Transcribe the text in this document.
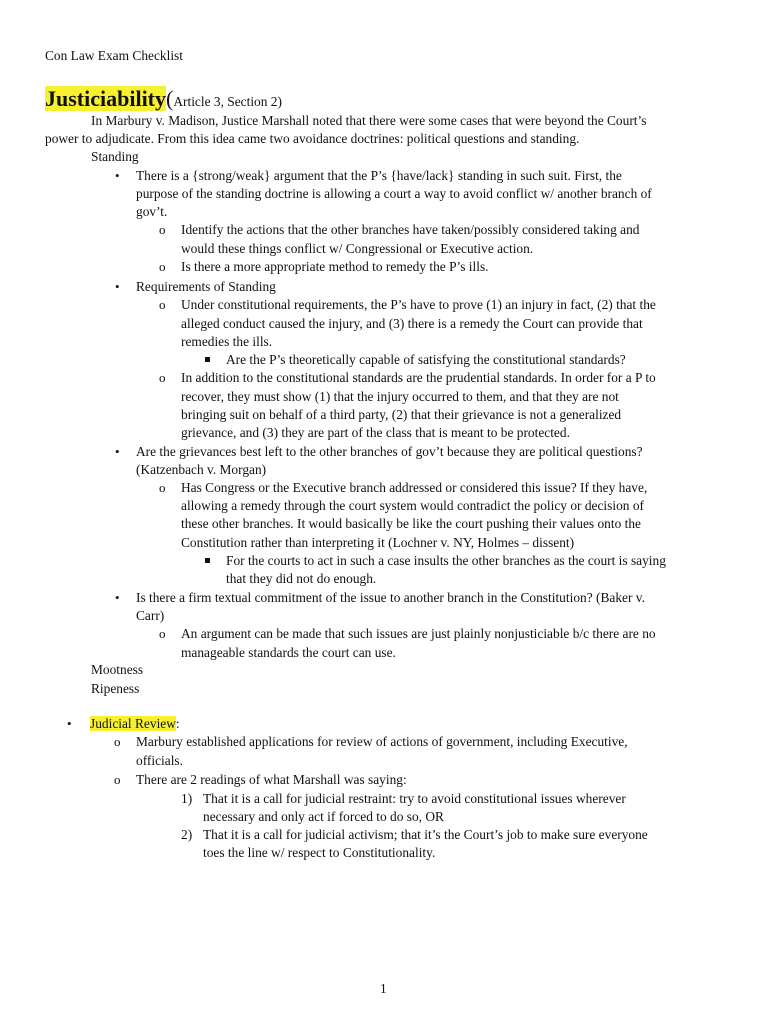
Con Law Exam Checklist
Justiciability(Article 3, Section 2)
In Marbury v. Madison, Justice Marshall noted that there were some cases that were beyond the Court’s
power to adjudicate. From this idea came two avoidance doctrines: political questions and standing.
Standing
• There is a {strong/weak} argument that the P’s {have/lack} standing in such suit. First, the
purpose of the standing doctrine is allowing a court a way to avoid conflict w/ another branch of
gov’t.
o Identify the actions that the other branches have taken/possibly considered taking and
would these things conflict w/ Congressional or Executive action.
o Is there a more appropriate method to remedy the P’s ills.
• Requirements of Standing
o Under constitutional requirements, the P’s have to prove (1) an injury in fact, (2) that the
alleged conduct caused the injury, and (3) there is a remedy the Court can provide that
remedies the ills.
Are the P’s theoretically capable of satisfying the constitutional standards?
o In addition to the constitutional standards are the prudential standards. In order for a P to
recover, they must show (1) that the injury occurred to them, and that they are not
bringing suit on behalf of a third party, (2) that their grievance is not a generalized
grievance, and (3) they are part of the class that is meant to be protected.
• Are the grievances best left to the other branches of gov’t because they are political questions?
(Katzenbach v. Morgan)
o Has Congress or the Executive branch addressed or considered this issue? If they have,
allowing a remedy through the court system would contradict the policy or decision of
these other branches. It would basically be like the court pushing their values onto the
Constitution rather than interpreting it (Lochner v. NY, Holmes – dissent)
For the courts to act in such a case insults the other branches as the court is saying
that they did not do enough.
• Is there a firm textual commitment of the issue to another branch in the Constitution? (Baker v.
Carr)
o An argument can be made that such issues are just plainly nonjusticiable b/c there are no
manageable standards the court can use.
Mootness
Ripeness
• Judicial Review:
o Marbury established applications for review of actions of government, including Executive,
officials.
o There are 2 readings of what Marshall was saying:
1) That it is a call for judicial restraint: try to avoid constitutional issues wherever
necessary and only act if forced to do so, OR
2) That it is a call for judicial activism; that it’s the Court’s job to make sure everyone
toes the line w/ respect to Constitutionality.
1
